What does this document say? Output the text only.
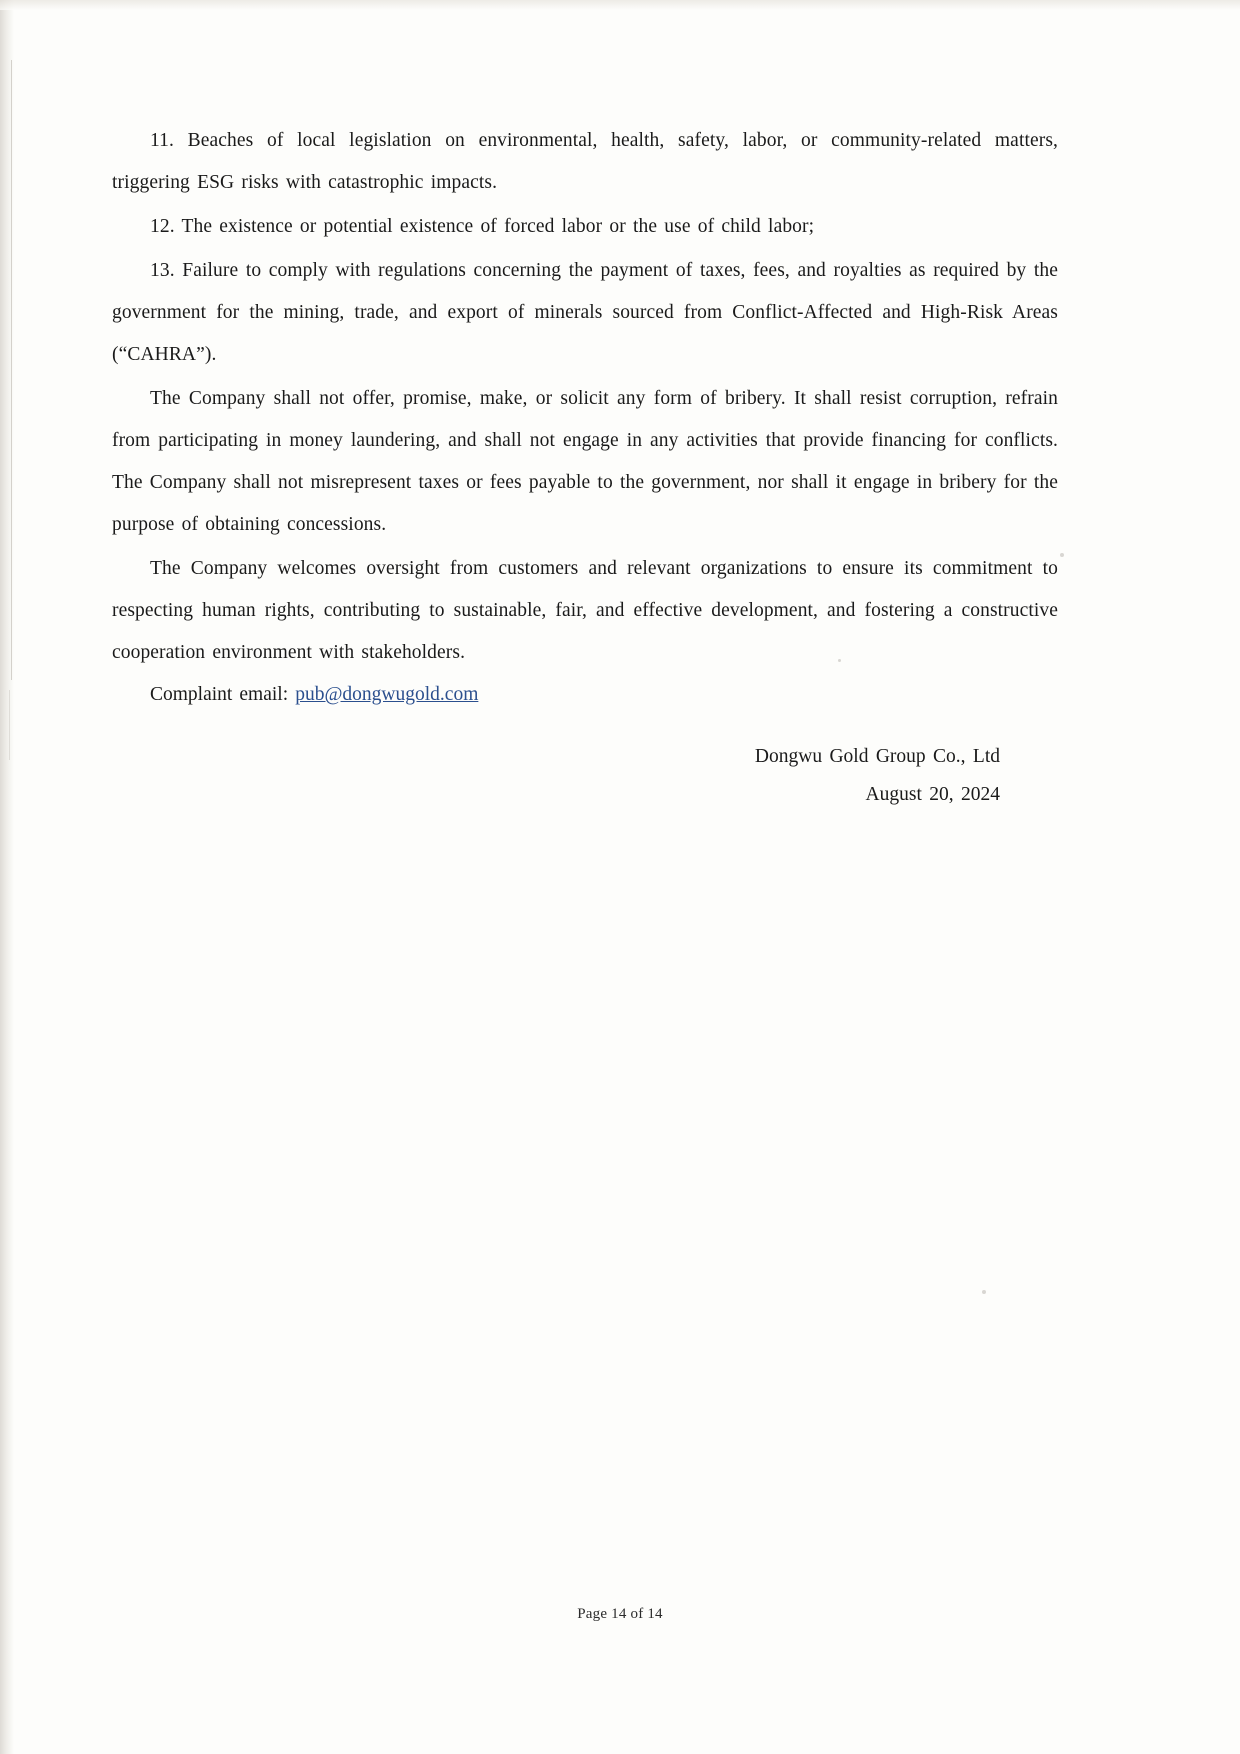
11. Beaches of local legislation on environmental, health, safety, labor, or community-related matters, triggering ESG risks with catastrophic impacts.

12. The existence or potential existence of forced labor or the use of child labor;

13. Failure to comply with regulations concerning the payment of taxes, fees, and royalties as required by the government for the mining, trade, and export of minerals sourced from Conflict-Affected and High-Risk Areas (“CAHRA”).

The Company shall not offer, promise, make, or solicit any form of bribery. It shall resist corruption, refrain from participating in money laundering, and shall not engage in any activities that provide financing for conflicts. The Company shall not misrepresent taxes or fees payable to the government, nor shall it engage in bribery for the purpose of obtaining concessions.

The Company welcomes oversight from customers and relevant organizations to ensure its commitment to respecting human rights, contributing to sustainable, fair, and effective development, and fostering a constructive cooperation environment with stakeholders.

Complaint email: pub@dongwugold.com
Dongwu Gold Group Co., Ltd
August 20, 2024
Page 14 of 14
